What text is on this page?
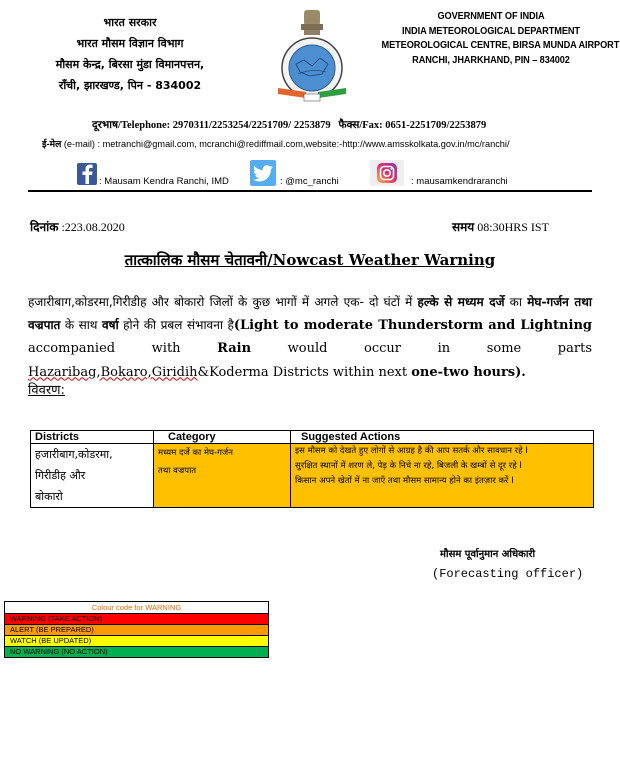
भारत सरकार
भारत मौसम विज्ञान विभाग
मौसम केन्द्र, बिरसा मुंडा विमानपत्तन,
राँची, झारखण्ड, पिन - 834002
GOVERNMENT OF INDIA
INDIA METEOROLOGICAL DEPARTMENT
METEOROLOGICAL CENTRE, BIRSA MUNDA AIRPORT
RANCHI, JHARKHAND, PIN – 834002
दूरभाष/Telephone: 2970311/2253254/2251709/ 2253879 फैक्स/Fax: 0651-2251709/2253879
ई-मेल (e-mail) : metranchi@gmail.com, mcranchi@rediffmail.com,website:-http://www.amsskolkata.gov.in/mc/ranchi/
: Mausam Kendra Ranchi, IMD	: @mc_ranchi	: mausamkendraranchi
दिनांक :223.08.2020	समय 08:30HRS IST
तात्कालिक मौसम चेतावनी/Nowcast Weather Warning
हजारीबाग,कोडरमा,गिरीडीह और बोकारो जिलों के कुछ भागों में अगले एक- दो घंटों में हल्के से मध्यम दर्जे का मेघ-गर्जन तथा वज्रपात के साथ वर्षा होने की प्रबल संभावना है(Light to moderate Thunderstorm and Lightning accompanied with Rain would occur in some parts Hazaribag,Bokaro,Giridih&Koderma Districts within next one-two hours).
विवरण:
Districts	Category	Suggested Actions

हजारीबाग,कोडरमा,
गिरीडीह और
बोकारो

मध्यम दर्जे का मेघ-गर्जन
तथा वज्रपात

इस मौसम को देखते हुए लोगों से आग्रह है की आप सतर्क और सावधान रहे I
सुरक्षित स्थानों में शरण ले, पेड़ के निचे ना रहे, बिजली के खम्बों से दूर रहे I
किसान अपने खेतों में ना जाएँ तथा मौसम सामान्य होने का इंतज़ार करें I
मौसम पूर्वानुमान अधिकारी
(Forecasting officer)
Colour code for WARNING
WARNING (TAKE ACTION)
ALERT (BE PREPARED)
WATCH (BE UPDATED)
NO WARNING (NO ACTION)
